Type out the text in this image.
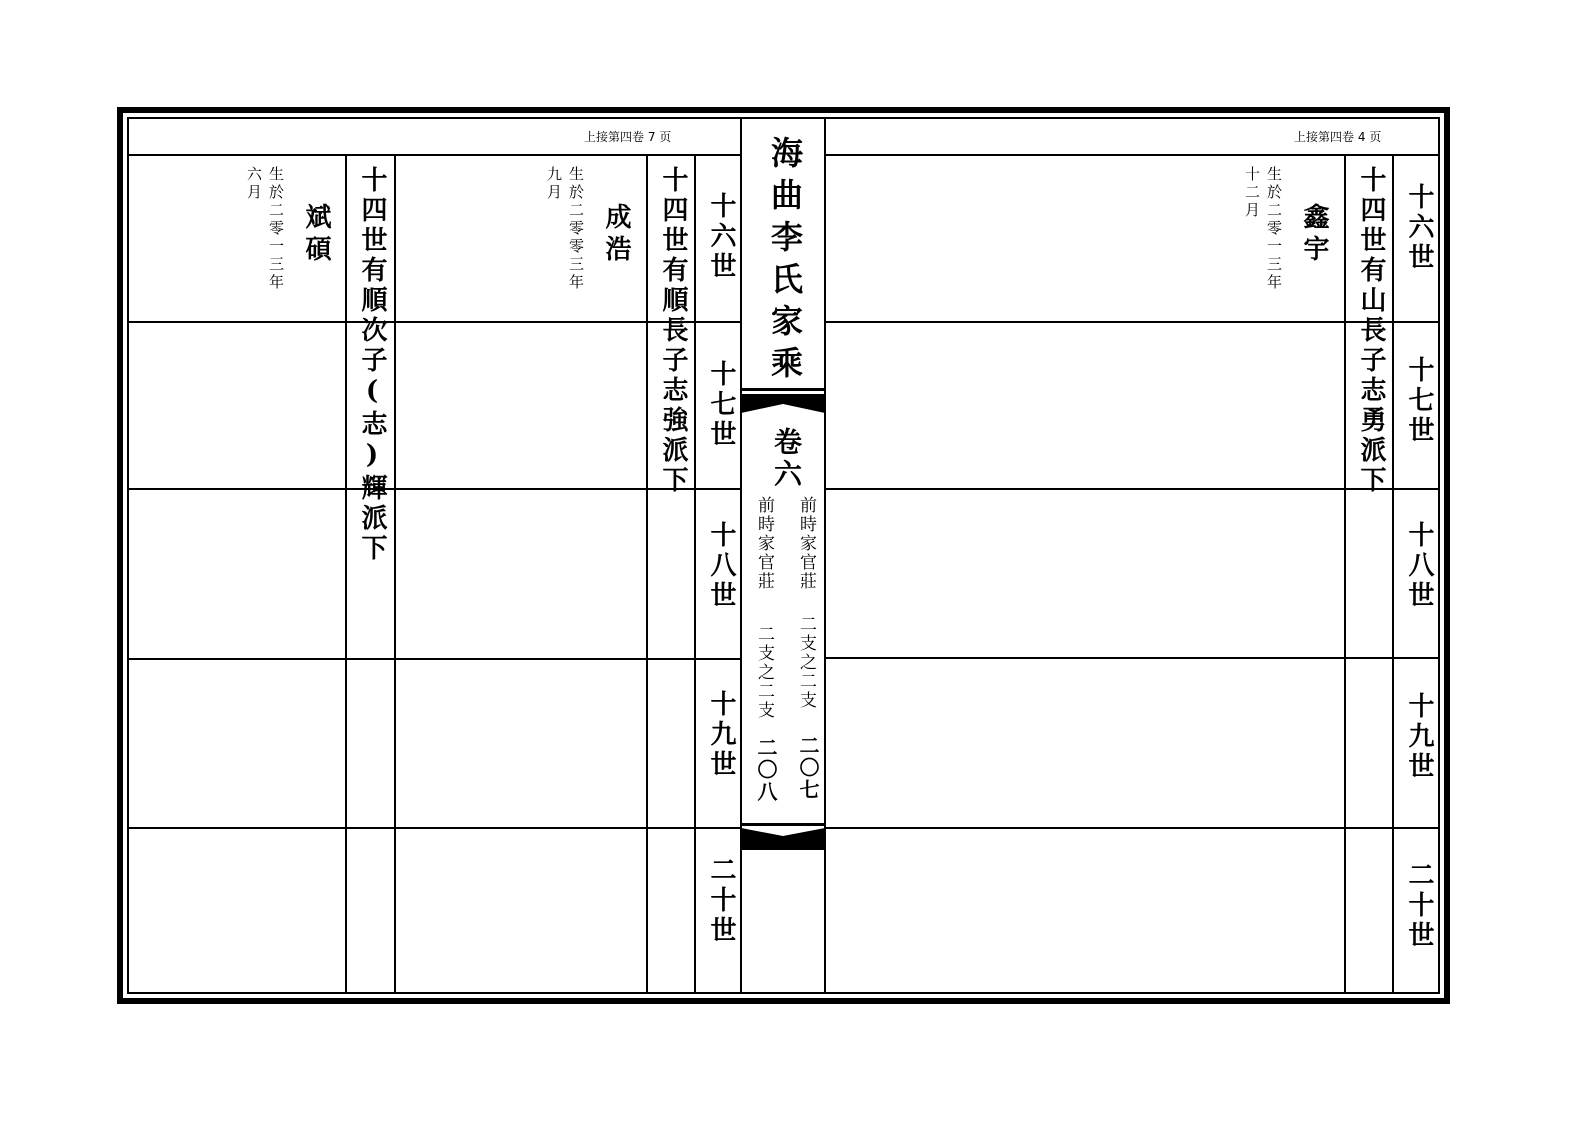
上接第四卷 7 页	上接第四卷 4 页
海曲李氏家乘
卷六
前時家官莊
二支之二支
二〇七
前時家官莊
二支之二支
二〇八
十六世
十七世
十八世
十九世
二十世
十六世
十七世
十八世
十九世
二十世
十四世有順長子志強派下
十四世有順次子(志)輝派下	十四世有山長子志勇派下
成浩
生於二零零三年
九月
斌碩
生於二零一三年
六月
鑫宇
生於二零一三年
十二月
